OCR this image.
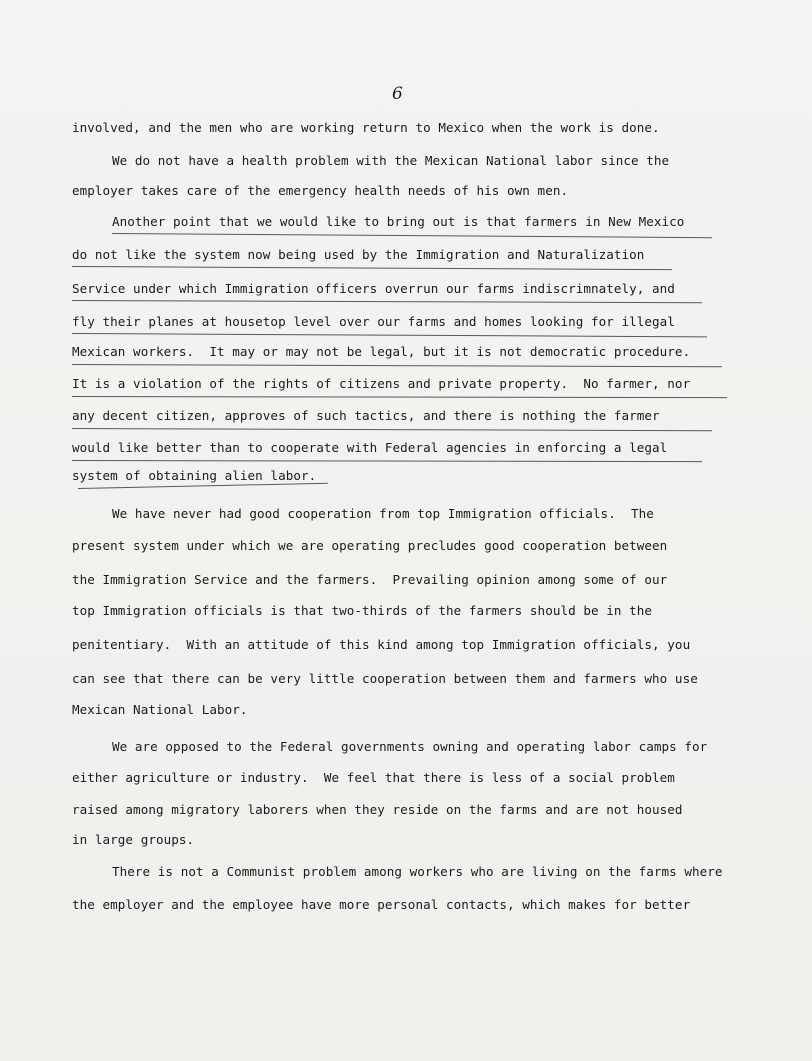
6
involved, and the men who are working return to Mexico when the work is done.
We do not have a health problem with the Mexican National labor since the
employer takes care of the emergency health needs of his own men.
Another point that we would like to bring out is that farmers in New Mexico
do not like the system now being used by the Immigration and Naturalization
Service under which Immigration officers overrun our farms indiscrimnately, and
fly their planes at housetop level over our farms and homes looking for illegal
Mexican workers.  It may or may not be legal, but it is not democratic procedure.
It is a violation of the rights of citizens and private property.  No farmer, nor
any decent citizen, approves of such tactics, and there is nothing the farmer
would like better than to cooperate with Federal agencies in enforcing a legal
system of obtaining alien labor.
We have never had good cooperation from top Immigration officials.  The
present system under which we are operating precludes good cooperation between
the Immigration Service and the farmers.  Prevailing opinion among some of our
top Immigration officials is that two-thirds of the farmers should be in the
penitentiary.  With an attitude of this kind among top Immigration officials, you
can see that there can be very little cooperation between them and farmers who use
Mexican National Labor.
We are opposed to the Federal governments owning and operating labor camps for
either agriculture or industry.  We feel that there is less of a social problem
raised among migratory laborers when they reside on the farms and are not housed
in large groups.
There is not a Communist problem among workers who are living on the farms where
the employer and the employee have more personal contacts, which makes for better
